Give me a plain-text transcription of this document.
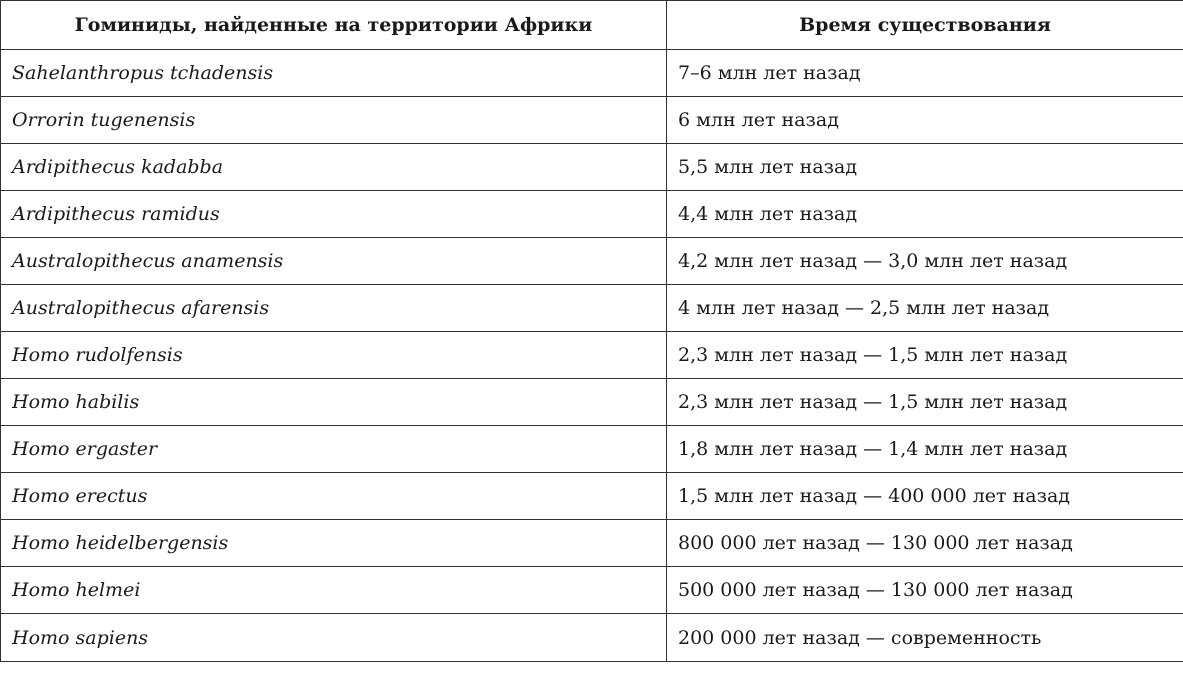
Гоминиды, найденные на территории Африки	Время существования
Sahelanthropus tchadensis	7–6 млн лет назад
Orrorin tugenensis	6 млн лет назад
Ardipithecus kadabba	5,5 млн лет назад
Ardipithecus ramidus	4,4 млн лет назад
Australopithecus anamensis	4,2 млн лет назад — 3,0 млн лет назад
Australopithecus afarensis	4 млн лет назад — 2,5 млн лет назад
Homo rudolfensis	2,3 млн лет назад — 1,5 млн лет назад
Homo habilis	2,3 млн лет назад — 1,5 млн лет назад
Homo ergaster	1,8 млн лет назад — 1,4 млн лет назад
Homo erectus	1,5 млн лет назад — 400 000 лет назад
Homo heidelbergensis	800 000 лет назад — 130 000 лет назад
Homo helmei	500 000 лет назад — 130 000 лет назад
Homo sapiens	200 000 лет назад — современность
